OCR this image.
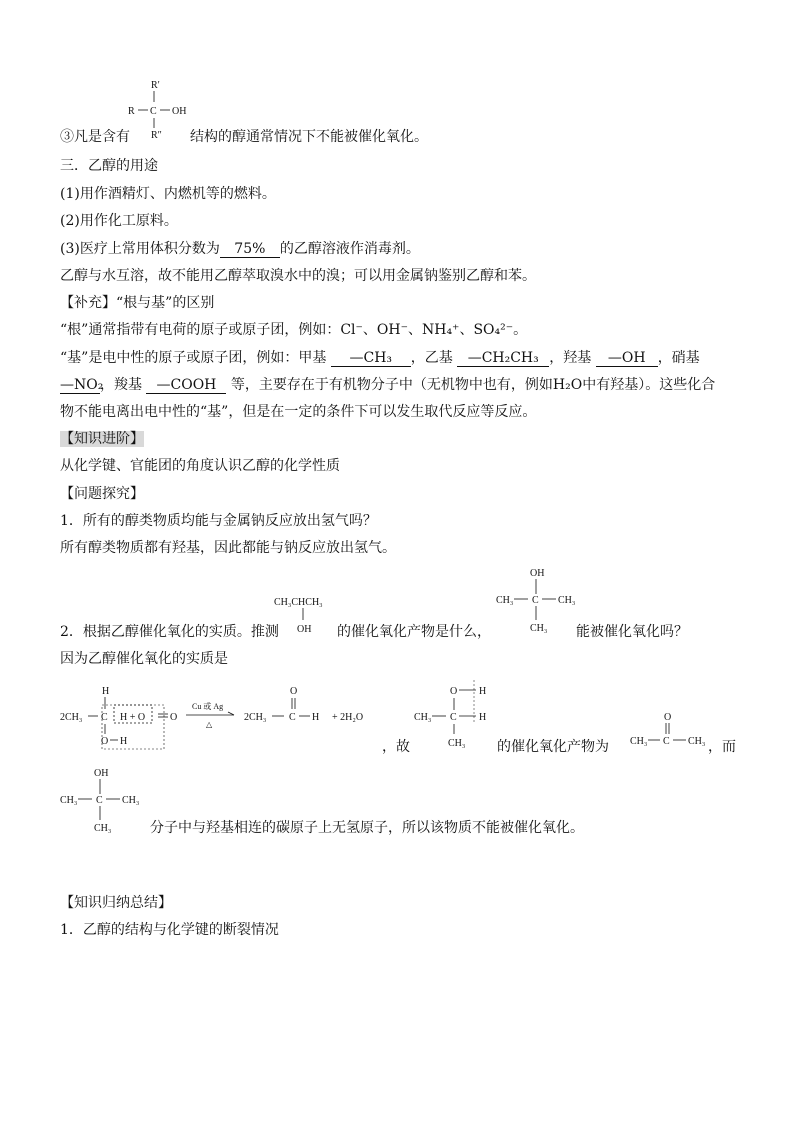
R′
R C OH
R″
③凡是含有	结构的醇通常情况下不能被催化氧化。
三．乙醇的用途
(1)用作酒精灯、内燃机等的燃料。
(2)用作化工原料。
(3)医疗上常用体积分数为 75% 的乙醇溶液作消毒剂。
乙醇与水互溶，故不能用乙醇萃取溴水中的溴；可以用金属钠鉴别乙醇和苯。
【补充】“根与基”的区别
“根”通常指带有电荷的原子或原子团，例如：Cl⁻、OH⁻、NH₄⁺、SO₄²⁻。
“基”是电中性的原子或原子团，例如：甲基 —CH₃ ，乙基 —CH₂CH₃ ，羟基 —OH ，硝基
—NO₂，羧基 —COOH 等，主要存在于有机物分子中（无机物中也有，例如H₂O中有羟基）。这些化合
物不能电离出电中性的“基”，但是在一定的条件下可以发生取代反应等反应。
【知识进阶】
从化学键、官能团的角度认识乙醇的化学性质
【问题探究】
1．所有的醇类物质均能与金属钠反应放出氢气吗？
所有醇类物质都有羟基，因此都能与钠反应放出氢气。
CH₃CHCH₃
OH
OH
CH₃ C CH₃
CH₃
2．根据乙醇催化氧化的实质。推测	的催化氧化产物是什么，	能被催化氧化吗？
因为乙醇催化氧化的实质是
2CH₃
H
C H + O O
O H
Cu 或 Ag
△
2CH₃
O
C H + 2H₂O
O H
CH₃ C H
CH₃
，故	的催化氧化产物为
O
CH₃ C CH₃ ，而
OH
CH₃ C CH₃
CH₃	分子中与羟基相连的碳原子上无氢原子，所以该物质不能被催化氧化。
【知识归纳总结】
1．乙醇的结构与化学键的断裂情况
